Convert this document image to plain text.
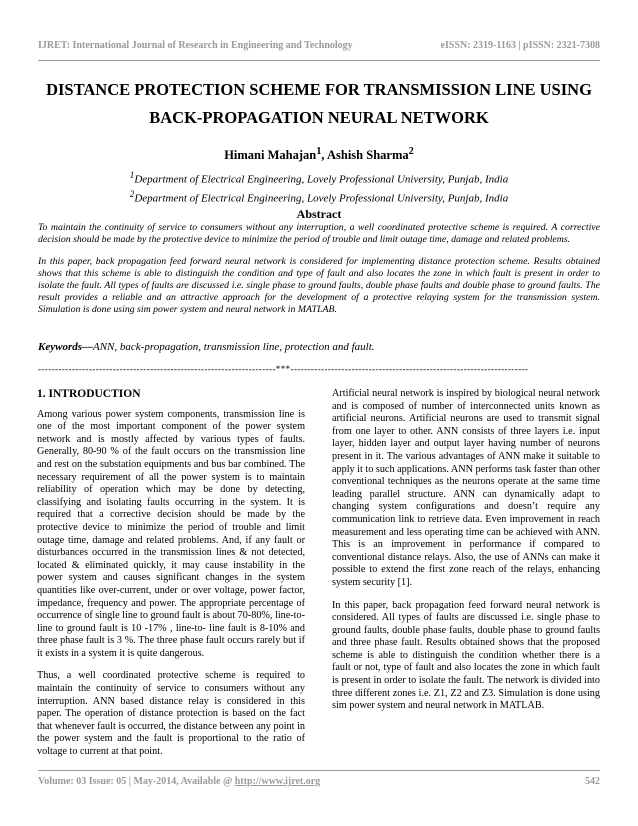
IJRET: International Journal of Research in Engineering and Technology	eISSN: 2319-1163 | pISSN: 2321-7308
DISTANCE PROTECTION SCHEME FOR TRANSMISSION LINE USING
BACK-PROPAGATION NEURAL NETWORK
Himani Mahajan$^1$, Ashish Sharma$^2$
$^1$Department of Electrical Engineering, Lovely Professional University, Punjab, India
$^2$Department of Electrical Engineering, Lovely Professional University, Punjab, India
Abstract

To maintain the continuity of service to consumers without any interruption, a well coordinated protective scheme is required. A corrective decision should be made by the protective device to minimize the period of trouble and limit outage time, damage and related problems.

In this paper, back propagation feed forward neural network is considered for implementing distance protection scheme. Results obtained shows that this scheme is able to distinguish the condition and type of fault and also locates the zone in which fault is present in order to isolate the fault. All types of faults are discussed i.e. single phase to ground faults, double phase faults and double phase to ground faults. The result provides a reliable and an attractive approach for the development of a protective relaying system for the transmission system. Simulation is done using sim power system and neural network in MATLAB.

Keywords—ANN, back-propagation, transmission line, protection and fault.
----------------------------------------------------------------------***----------------------------------------------------------------------
1. INTRODUCTION

Among various power system components, transmission line is one of the most important component of the power system network and is mostly affected by various types of faults. Generally, 80-90 % of the fault occurs on the transmission line and rest on the substation equipments and bus bar combined. The necessary requirement of all the power system is to maintain reliability of operation which may be done by detecting, classifying and isolating faults occurring in the system. It is required that a corrective decision should be made by the protective device to minimize the period of trouble and limit outage time, damage and related problems. And, if any fault or disturbances occurred in the transmission lines & not detected, located & eliminated quickly, it may cause instability in the power system and causes significant changes in the system quantities like over-current, under or over voltage, power factor, impedance, frequency and power. The appropriate percentage of occurrence of single line to ground fault is about 70-80%, line-to-line to ground fault is 10 -17% , line-to- line fault is 8-10% and three phase fault is 3 %. The three phase fault occurs rarely but if it exists in a system it is quite dangerous.

Thus, a well coordinated protective scheme is required to maintain the continuity of service to consumers without any interruption. ANN based distance relay is considered in this paper. The operation of distance protection is based on the fact that whenever fault is occurred, the distance between any point in the power system and the fault is proportional to the ratio of voltage to current at that point.

Artificial neural network is inspired by biological neural network and is composed of number of interconnected units known as artificial neurons. Artificial neurons are used to transmit signal from one layer to other. ANN consists of three layers i.e. input layer, hidden layer and output layer having number of neurons present in it. The various advantages of ANN make it suitable to apply it to such applications. ANN performs task faster than other conventional techniques as the neurons operate at the same time leading parallel structure. ANN can dynamically adapt to changing system configurations and doesn’t require any communication link to retrieve data. Even improvement in reach measurement and less operating time can be achieved with ANN. This is an improvement in performance if compared to conventional distance relays. Also, the use of ANNs can make it possible to extend the first zone reach of the relays, enhancing system security [1].

In this paper, back propagation feed forward neural network is considered. All types of faults are discussed i.e. single phase to ground faults, double phase faults, double phase to ground faults and three phase fault. Results obtained shows that the proposed scheme is able to distinguish the condition whether there is a fault or not, type of fault and also locates the zone in which fault is present in order to isolate the fault. The network is divided into three different zones i.e. Z1, Z2 and Z3. Simulation is done using sim power system and neural network in MATLAB.

Volume: 03 Issue: 05 | May-2014, Available @ http://www.ijret.org	542
